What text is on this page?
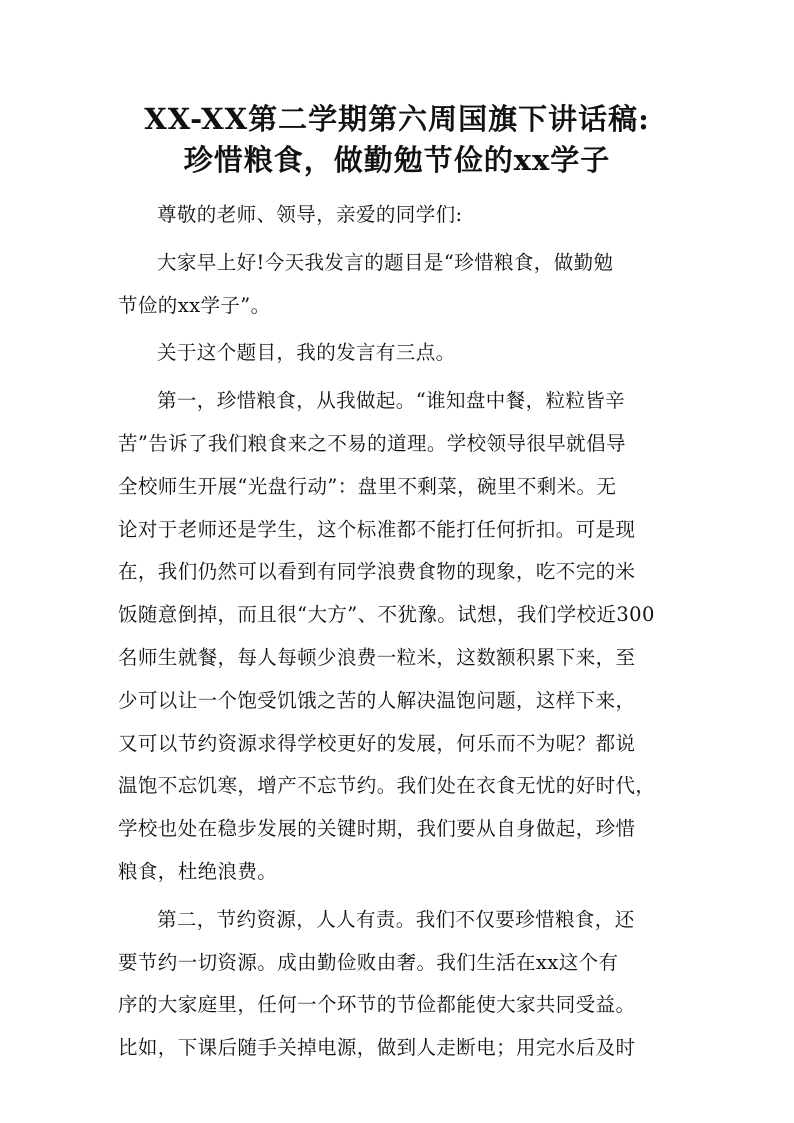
XX-XX第二学期第六周国旗下讲话稿:
珍惜粮食，做勤勉节俭的xx学子
尊敬的老师、领导，亲爱的同学们:
大家早上好!今天我发言的题目是“珍惜粮食，做勤勉
节俭的xx学子”。
关于这个题目，我的发言有三点。
第一，珍惜粮食，从我做起。“谁知盘中餐，粒粒皆辛
苦”告诉了我们粮食来之不易的道理。学校领导很早就倡导
全校师生开展“光盘行动”：盘里不剩菜，碗里不剩米。无
论对于老师还是学生，这个标准都不能打任何折扣。可是现
在，我们仍然可以看到有同学浪费食物的现象，吃不完的米
饭随意倒掉，而且很“大方”、不犹豫。试想，我们学校近300
名师生就餐，每人每顿少浪费一粒米，这数额积累下来，至
少可以让一个饱受饥饿之苦的人解决温饱问题，这样下来，
又可以节约资源求得学校更好的发展，何乐而不为呢？都说
温饱不忘饥寒，增产不忘节约。我们处在衣食无忧的好时代，
学校也处在稳步发展的关键时期，我们要从自身做起，珍惜
粮食，杜绝浪费。
第二，节约资源，人人有责。我们不仅要珍惜粮食，还
要节约一切资源。成由勤俭败由奢。我们生活在xx这个有
序的大家庭里，任何一个环节的节俭都能使大家共同受益。
比如，下课后随手关掉电源，做到人走断电；用完水后及时
